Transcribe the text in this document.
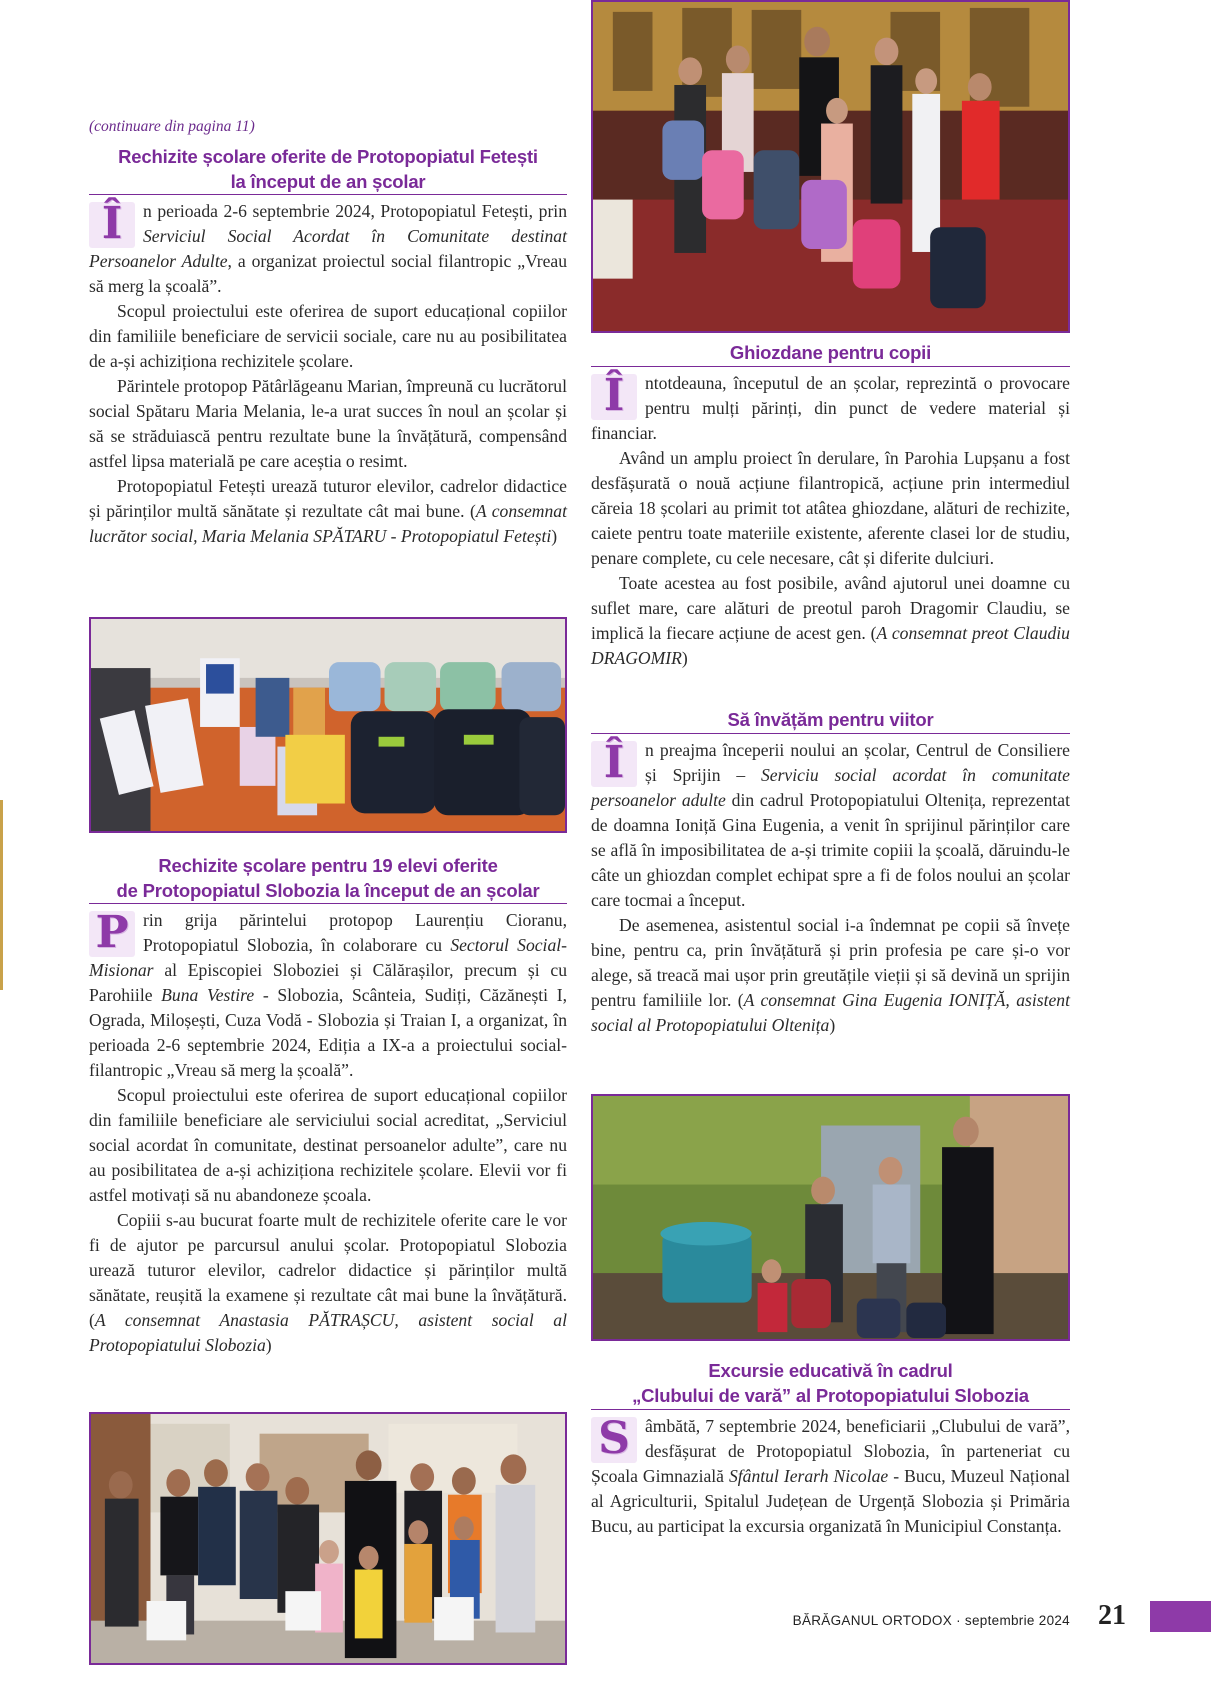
(continuare din pagina 11)
Rechizite școlare oferite de Protopopiatul Fetești la început de an școlar

Î	n perioada 2-6 septembrie 2024, Protopopiatul Fetești, prin Serviciul Social Acordat în Comunitate destinat Persoanelor Adulte, a organizat proiectul social filantropic „Vreau să merg la școală”.

Scopul proiectului este oferirea de suport educațional copiilor din familiile beneficiare de servicii sociale, care nu au posibilitatea de a-și achiziționa rechizitele școlare.

Părintele protopop Pătârlăgeanu Marian, împreună cu lucrătorul social Spătaru Maria Melania, le-a urat succes în noul an școlar și să se străduiască pentru rezultate bune la învățătură, compensând astfel lipsa materială pe care aceștia o resimt.

Protopopiatul Fetești urează tuturor elevilor, cadrelor didactice și părinților multă sănătate și rezultate cât mai bune. (A consemnat lucrător social, Maria Melania SPĂTARU - Protopopiatul Fetești)

Rechizite școlare pentru 19 elevi oferite
de Protopopiatul Slobozia la început de an școlar

P rin grija părintelui protopop Laurențiu Cioranu, Protopopiatul Slobozia, în colaborare cu Sectorul Social-Misionar al Episcopiei Sloboziei și Călărașilor, precum și cu Parohiile Buna Vestire - Slobozia, Scânteia, Sudiți, Căzănești I, Ograda, Miloșești, Cuza Vodă - Slobozia și Traian I, a organizat, în perioada 2-6 septembrie 2024, Ediția a IX-a a proiectului social-filantropic „Vreau să merg la școală”.

Scopul proiectului este oferirea de suport educațional copiilor din familiile beneficiare ale serviciului social acreditat, „Serviciul social acordat în comunitate, destinat persoanelor adulte”, care nu au posibilitatea de a-și achiziționa rechizitele școlare. Elevii vor fi astfel motivați să nu abandoneze școala.

Copiii s-au bucurat foarte mult de rechizitele oferite care le vor fi de ajutor pe parcursul anului școlar. Protopopiatul Slobozia urează tuturor elevilor, cadrelor didactice și părinților multă sănătate, reușită la examene și rezultate cât mai bune la învățătură. (A consemnat Anastasia PĂTRAȘCU, asistent social al Protopopiatului Slobozia)

Ghiozdane pentru copii

Î	ntotdeauna, începutul de an școlar, reprezintă o provocare pentru mulți părinți, din punct de vedere material și financiar.

Având un amplu proiect în derulare, în Parohia Lupșanu a fost desfășurată o nouă acțiune filantropică, acțiune prin intermediul căreia 18 școlari au primit tot atâtea ghiozdane, alături de rechizite, caiete pentru toate materiile existente, aferente clasei lor de studiu, penare complete, cu cele necesare, cât și diferite dulciuri.

Toate acestea au fost posibile, având ajutorul unei doamne cu suflet mare, care alături de preotul paroh Dragomir Claudiu, se implică la fiecare acțiune de acest gen. (A consemnat preot Claudiu DRAGOMIR)

Să învățăm pentru viitor

Î	n preajma începerii noului an școlar, Centrul de Consiliere și Sprijin – Serviciu social acordat în comunitate persoanelor adulte din cadrul Protopopiatului Oltenița, reprezentat de doamna Ioniță Gina Eugenia, a venit în sprijinul părinților care se află în imposibilitatea de a-și trimite copiii la școală, dăruindu-le câte un ghiozdan complet echipat spre a fi de folos noului an școlar care tocmai a început.

De asemenea, asistentul social i-a îndemnat pe copii să învețe bine, pentru ca, prin învățătură și prin profesia pe care și-o vor alege, să treacă mai ușor prin greutățile vieții și să devină un sprijin pentru familiile lor. (A consemnat Gina Eugenia IONIȚĂ, asistent social al Protopopiatului Oltenița)

Excursie educativă în cadrul
„Clubului de vară” al Protopopiatului Slobozia

S âmbătă, 7 septembrie 2024, beneficiarii „Clubului de vară”, desfășurat de Protopopiatul Slobozia, în parteneriat cu Școala Gimnazială Sfântul Ierarh Nicolae - Bucu, Muzeul Național al Agriculturii, Spitalul Județean de Urgență Slobozia și Primăria Bucu, au participat la excursia organizată în Municipiul Constanța.

BĂRĂGANUL ORTODOX · septembrie 2024 21
